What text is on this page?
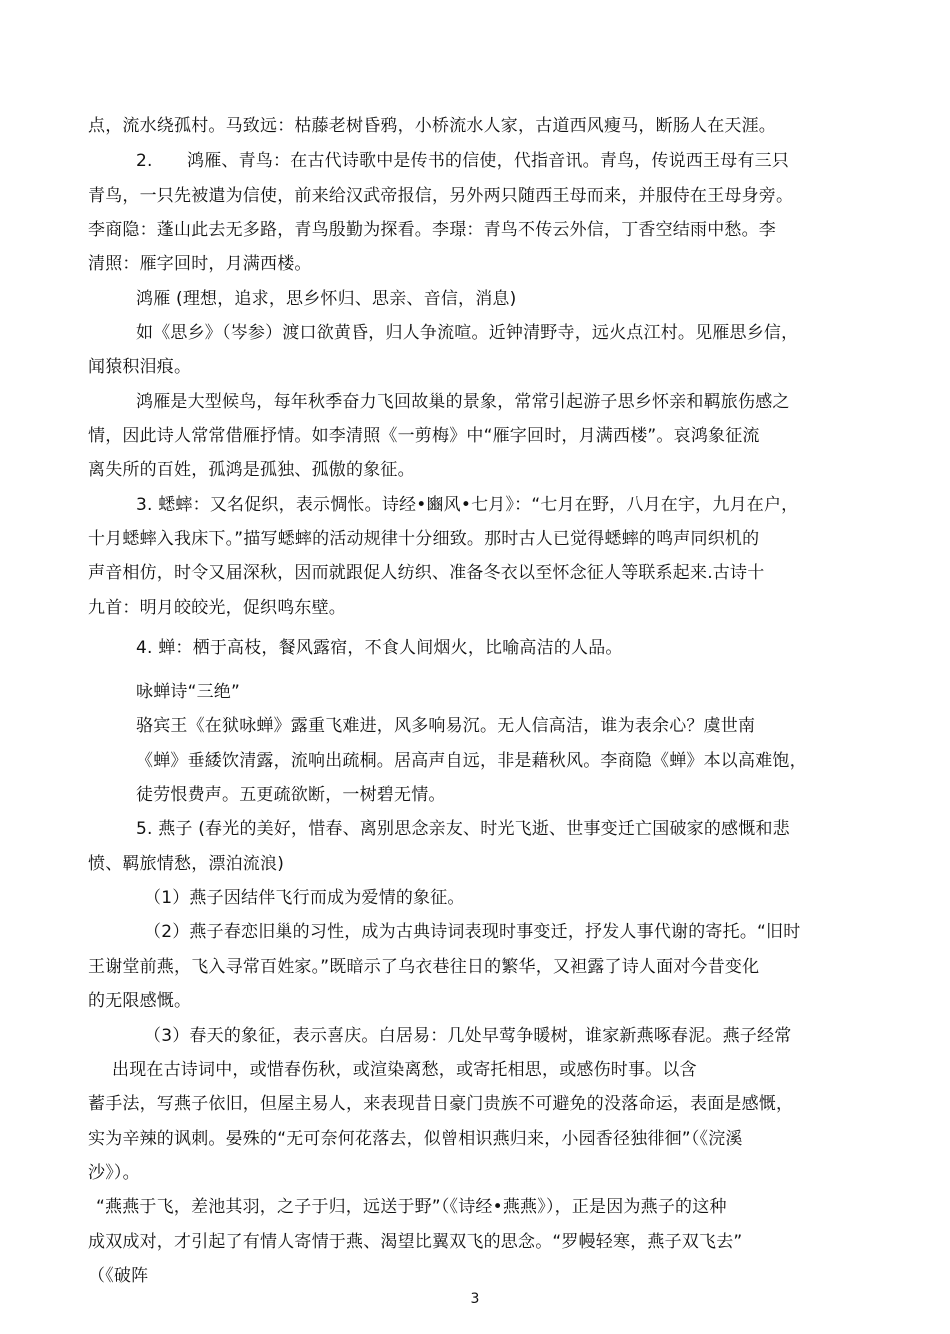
点，流水绕孤村。马致远：枯藤老树昏鸦，小桥流水人家，古道西风瘦马，断肠人在天涯。
2.　　鸿雁、青鸟：在古代诗歌中是传书的信使，代指音讯。青鸟，传说西王母有三只
青鸟，一只先被遣为信使，前来给汉武帝报信，另外两只随西王母而来，并服侍在王母身旁。
李商隐：蓬山此去无多路，青鸟殷勤为探看。李璟：青鸟不传云外信，丁香空结雨中愁。李
清照：雁字回时，月满西楼。
鸿雁 (理想，追求，思乡怀归、思亲、音信，消息)
如《思乡》（岑参）渡口欲黄昏，归人争流喧。近钟清野寺，远火点江村。见雁思乡信，
闻猿积泪痕。
鸿雁是大型候鸟，每年秋季奋力飞回故巢的景象，常常引起游子思乡怀亲和羁旅伤感之
情，因此诗人常常借雁抒情。如李清照《一剪梅》中“雁字回时，月满西楼”。哀鸿象征流
离失所的百姓，孤鸿是孤独、孤傲的象征。
3. 蟋蟀：又名促织，表示惆怅。诗经•豳风•七月》：“七月在野，八月在宇，九月在户，
十月蟋蟀入我床下。”描写蟋蟀的活动规律十分细致。那时古人已觉得蟋蟀的鸣声同织机的
声音相仿，时令又届深秋，因而就跟促人纺织、准备冬衣以至怀念征人等联系起来.古诗十
九首：明月皎皎光，促织鸣东壁。
4. 蝉：栖于高枝，餐风露宿，不食人间烟火，比喻高洁的人品。
咏蝉诗“三绝”
骆宾王《在狱咏蝉》露重飞难进，风多响易沉。无人信高洁，谁为表余心？虞世南
《蝉》垂緌饮清露，流响出疏桐。居高声自远，非是藉秋风。李商隐《蝉》本以高难饱，
徒劳恨费声。五更疏欲断，一树碧无情。
5. 燕子 (春光的美好，惜春、离别思念亲友、时光飞逝、世事变迁亡国破家的感慨和悲
愤、羁旅情愁，漂泊流浪)
（1）燕子因结伴飞行而成为爱情的象征。
（2）燕子春恋旧巢的习性，成为古典诗词表现时事变迁，抒发人事代谢的寄托。“旧时
王谢堂前燕，飞入寻常百姓家。”既暗示了乌衣巷往日的繁华，又袒露了诗人面对今昔变化
的无限感慨。
（3）春天的象征，表示喜庆。白居易：几处早莺争暖树，谁家新燕啄春泥。燕子经常
出现在古诗词中，或惜春伤秋，或渲染离愁，或寄托相思，或感伤时事。以含
蓄手法，写燕子依旧，但屋主易人，来表现昔日豪门贵族不可避免的没落命运，表面是感慨，
实为辛辣的讽刺。晏殊的“无可奈何花落去，似曾相识燕归来，小园香径独徘徊”（《浣溪
沙》）。
“燕燕于飞，差池其羽，之子于归，远送于野”（《诗经•燕燕》），正是因为燕子的这种
成双成对，才引起了有情人寄情于燕、渴望比翼双飞的思念。“罗幔轻寒，燕子双飞去”
（《破阵
3
